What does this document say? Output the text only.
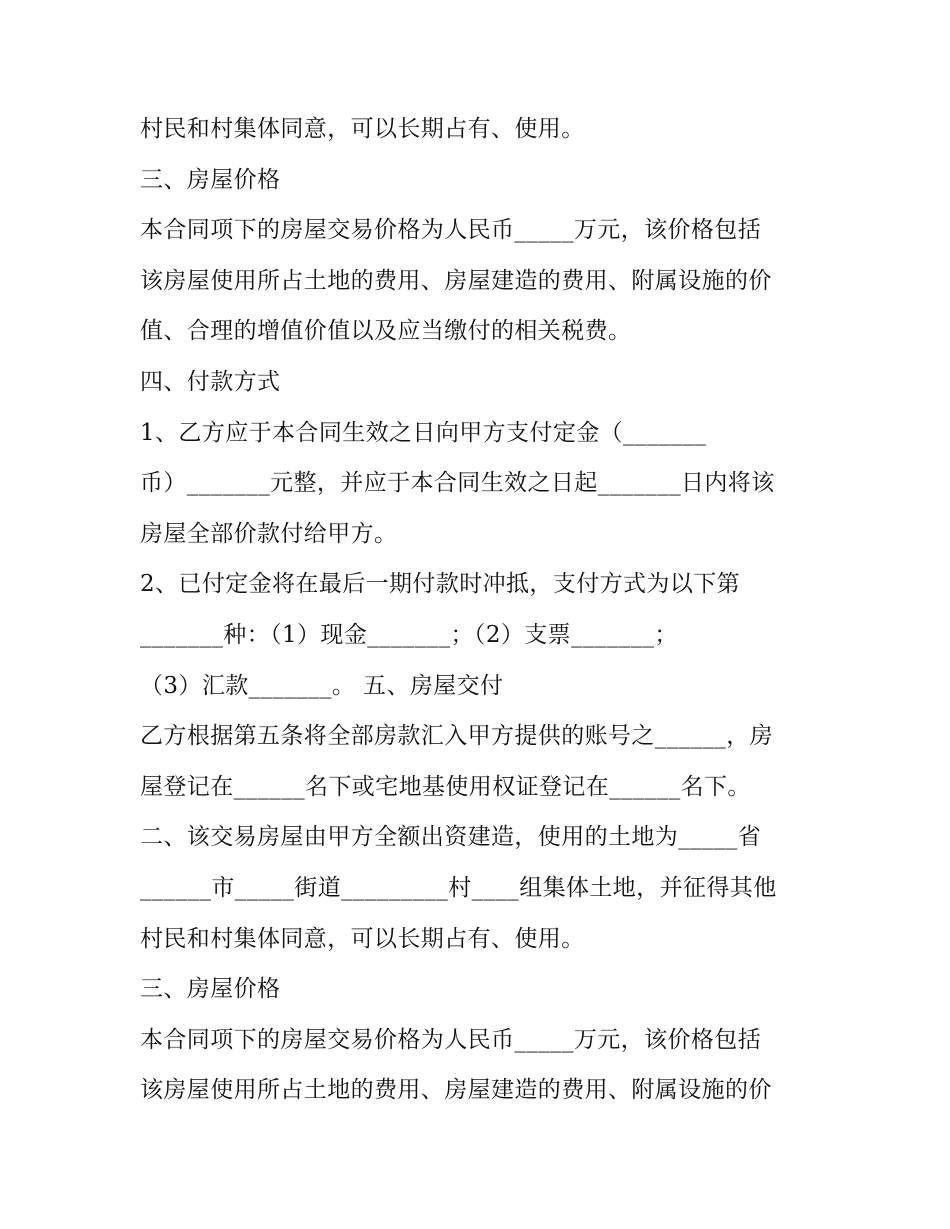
村民和村集体同意，可以长期占有、使用。
三、房屋价格
本合同项下的房屋交易价格为人民币_____万元，该价格包括
该房屋使用所占土地的费用、房屋建造的费用、附属设施的价
值、合理的增值价值以及应当缴付的相关税费。
四、付款方式
1、乙方应于本合同生效之日向甲方支付定金（_______
币）_______元整，并应于本合同生效之日起_______日内将该
房屋全部价款付给甲方。
2、已付定金将在最后一期付款时冲抵，支付方式为以下第
_______种：（1）现金_______；（2）支票_______；
（3）汇款_______。 五、房屋交付
乙方根据第五条将全部房款汇入甲方提供的账号之______，房
屋登记在______名下或宅地基使用权证登记在______名下。
二、该交易房屋由甲方全额出资建造，使用的土地为_____省
______市_____街道_________村____组集体土地，并征得其他
村民和村集体同意，可以长期占有、使用。
三、房屋价格
本合同项下的房屋交易价格为人民币_____万元，该价格包括
该房屋使用所占土地的费用、房屋建造的费用、附属设施的价
